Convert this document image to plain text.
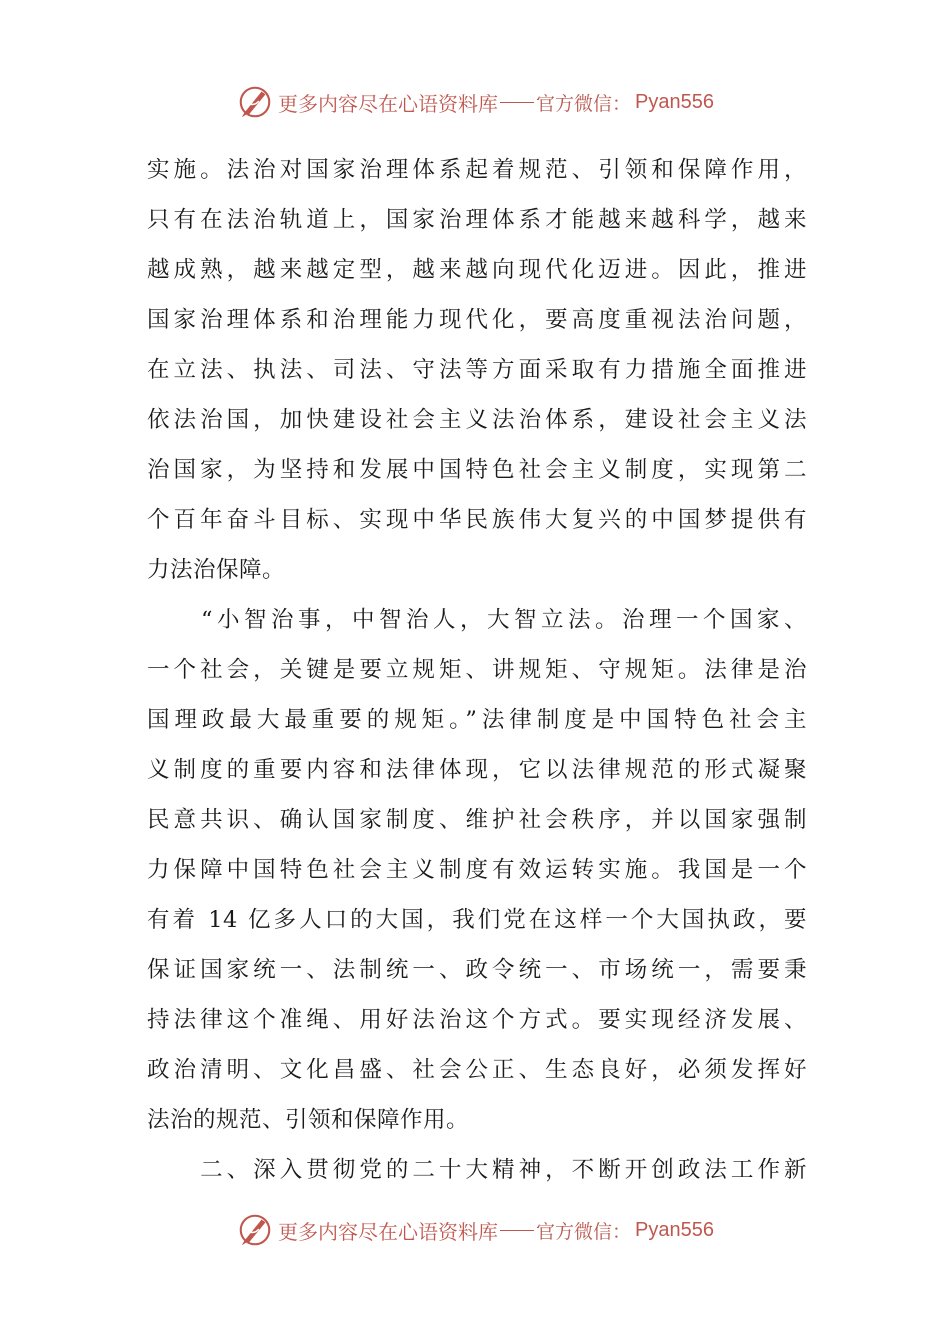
更多内容尽在心语资料库 官方微信： Pyan556
实施。法治对国家治理体系起着规范、引领和保障作用，
只有在法治轨道上，国家治理体系才能越来越科学，越来
越成熟，越来越定型，越来越向现代化迈进。因此，推进
国家治理体系和治理能力现代化，要高度重视法治问题，
在立法、执法、司法、守法等方面采取有力措施全面推进
依法治国，加快建设社会主义法治体系，建设社会主义法
治国家，为坚持和发展中国特色社会主义制度，实现第二
个百年奋斗目标、实现中华民族伟大复兴的中国梦提供有
力法治保障。
　　“小智治事，中智治人，大智立法。治理一个国家、
一个社会，关键是要立规矩、讲规矩、守规矩。法律是治
国理政最大最重要的规矩。”法律制度是中国特色社会主
义制度的重要内容和法律体现，它以法律规范的形式凝聚
民意共识、确认国家制度、维护社会秩序，并以国家强制
力保障中国特色社会主义制度有效运转实施。我国是一个
有着 14 亿多人口的大国，我们党在这样一个大国执政，要
保证国家统一、法制统一、政令统一、市场统一，需要秉
持法律这个准绳、用好法治这个方式。要实现经济发展、
政治清明、文化昌盛、社会公正、生态良好，必须发挥好
法治的规范、引领和保障作用。
　　二、深入贯彻党的二十大精神，不断开创政法工作新
更多内容尽在心语资料库 官方微信： Pyan556
